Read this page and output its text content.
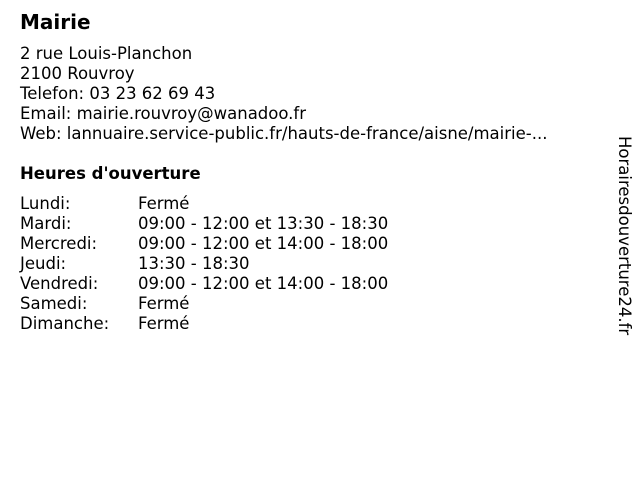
Mairie
2 rue Louis-Planchon
2100 Rouvroy
Telefon: 03 23 62 69 43
Email: mairie.rouvroy@wanadoo.fr
Web: lannuaire.service-public.fr/hauts-de-france/aisne/mairie-...
Heures d'ouverture
Lundi:	Fermé
Mardi:	09:00 - 12:00 et 13:30 - 18:30
Mercredi: 09:00 - 12:00 et 14:00 - 18:00
Jeudi:	13:30 - 18:30
Vendredi: 09:00 - 12:00 et 14:00 - 18:00
Samedi:	Fermé
Dimanche: Fermé	Horairesdouverture24.fr
